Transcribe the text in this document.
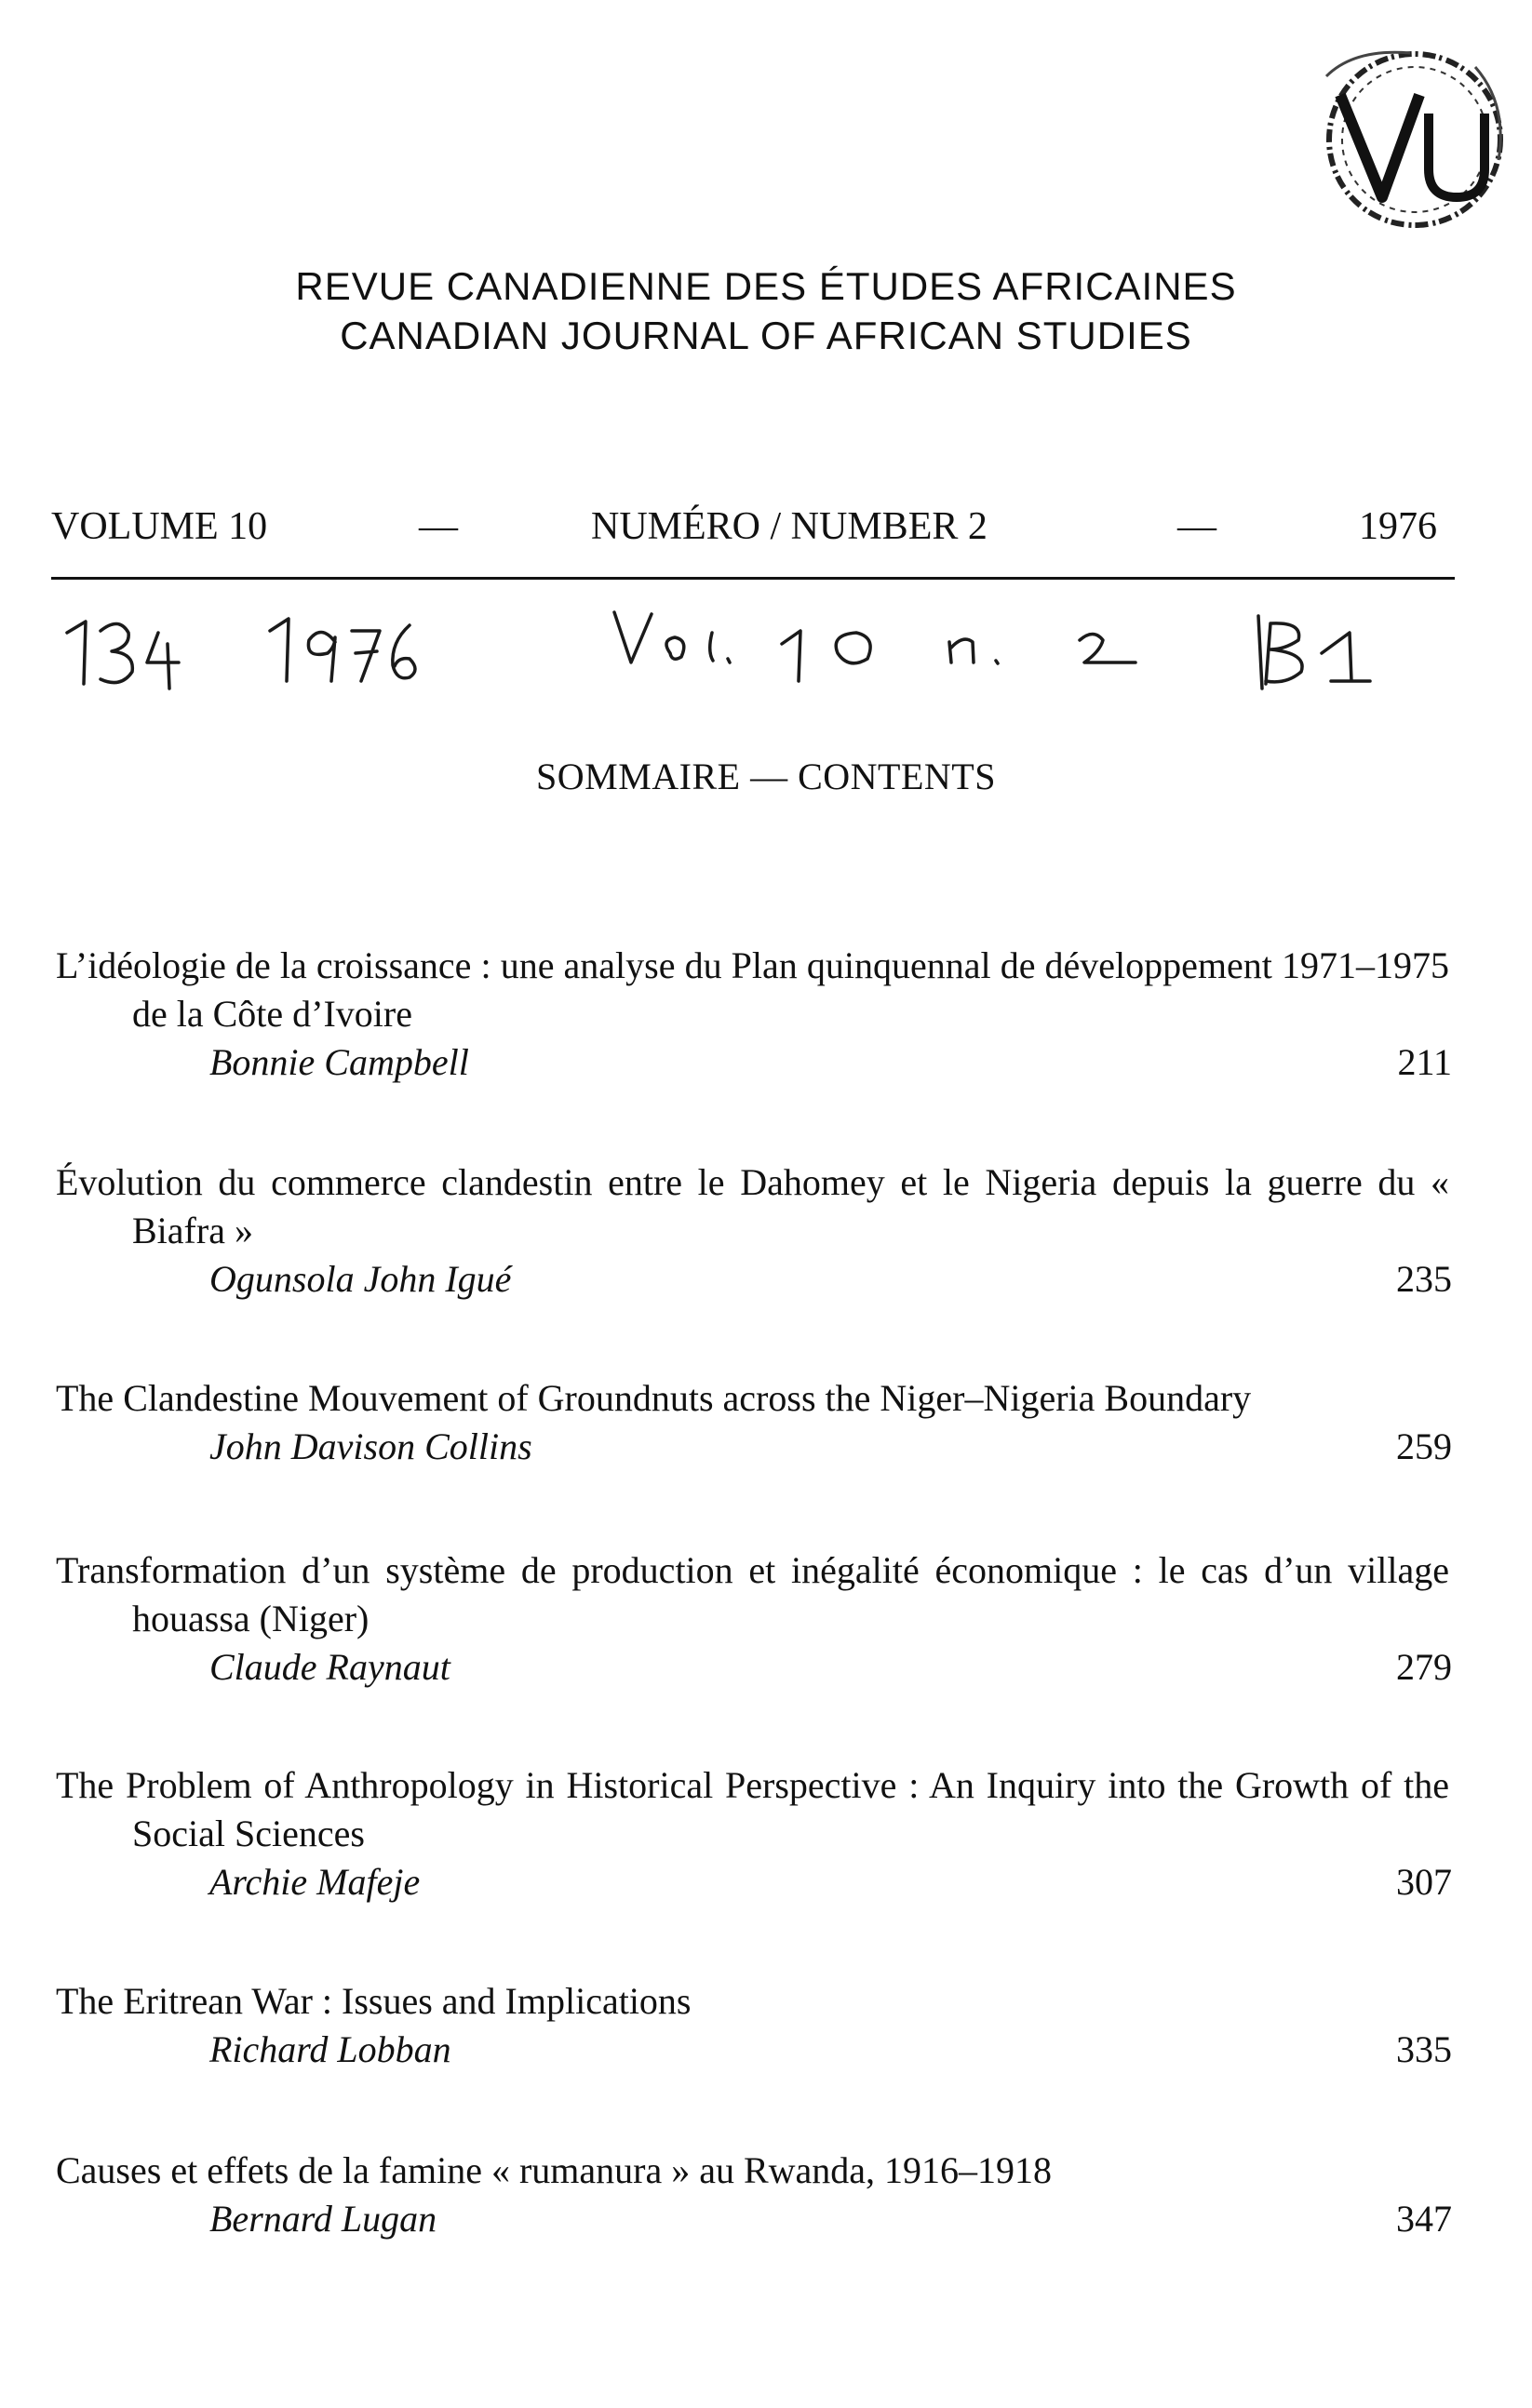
REVUE CANADIENNE DES ÉTUDES AFRICAINES
CANADIAN JOURNAL OF AFRICAN STUDIES
VOLUME 10	—	NUMÉRO / NUMBER 2	—	1976
SOMMAIRE — CONTENTS
L’idéologie de la croissance : une analyse du Plan quinquennal de développement 1971–1975 de la Côte d’Ivoire
Bonnie Campbell	211
Évolution du commerce clandestin entre le Dahomey et le Nigeria depuis la guerre du « Biafra »
Ogunsola John Igué	235
The Clandestine Mouvement of Groundnuts across the Niger–Nigeria Boundary
John Davison Collins	259
Transformation d’un système de production et inégalité économique : le cas d’un village houassa (Niger)
Claude Raynaut	279
The Problem of Anthropology in Historical Perspective : An Inquiry into the Growth of the Social Sciences
Archie Mafeje	307
The Eritrean War : Issues and Implications
Richard Lobban	335
Causes et effets de la famine « rumanura » au Rwanda, 1916–1918
Bernard Lugan	347
